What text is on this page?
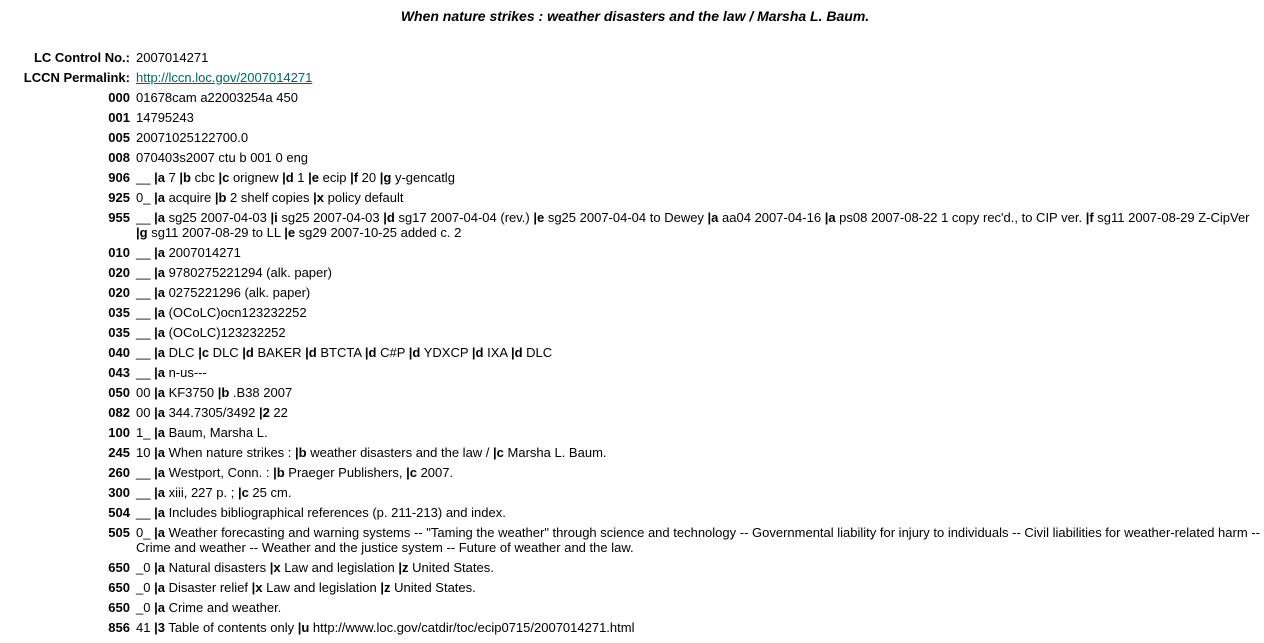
When nature strikes : weather disasters and the law / Marsha L. Baum.
LC Control No.: 2007014271
LCCN Permalink: http://lccn.loc.gov/2007014271
000 01678cam a22003254a 450
001 14795243
005 20071025122700.0
008 070403s2007 ctu b 001 0 eng
906 __ |a 7 |b cbc |c orignew |d 1 |e ecip |f 20 |g y-gencatlg
925 0_ |a acquire |b 2 shelf copies |x policy default
955 __ |a sg25 2007-04-03 |i sg25 2007-04-03 |d sg17 2007-04-04 (rev.) |e sg25 2007-04-04 to Dewey |a aa04 2007-04-16 |a ps08 2007-08-22 1 copy rec'd., to CIP ver. |f sg11 2007-08-29 Z-CipVer |g sg11 2007-08-29 to LL |e sg29 2007-10-25 added c. 2
010 __ |a 2007014271
020 __ |a 9780275221294 (alk. paper)
020 __ |a 0275221296 (alk. paper)
035 __ |a (OCoLC)ocn123232252
035 __ |a (OCoLC)123232252
040 __ |a DLC |c DLC |d BAKER |d BTCTA |d C#P |d YDXCP |d IXA |d DLC
043 __ |a n-us---
050 00 |a KF3750 |b .B38 2007
082 00 |a 344.7305/3492 |2 22
100 1_ |a Baum, Marsha L.
245 10 |a When nature strikes : |b weather disasters and the law / |c Marsha L. Baum.
260 __ |a Westport, Conn. : |b Praeger Publishers, |c 2007.
300 __ |a xiii, 227 p. ; |c 25 cm.
504 __ |a Includes bibliographical references (p. 211-213) and index.
505 0_ |a Weather forecasting and warning systems -- "Taming the weather" through science and technology -- Governmental liability for injury to individuals -- Civil liabilities for weather-related harm -- Crime and weather -- Weather and the justice system -- Future of weather and the law.
650 _0 |a Natural disasters |x Law and legislation |z United States.
650 _0 |a Disaster relief |x Law and legislation |z United States.
650 _0 |a Crime and weather.
856 41 |3 Table of contents only |u http://www.loc.gov/catdir/toc/ecip0715/2007014271.html
